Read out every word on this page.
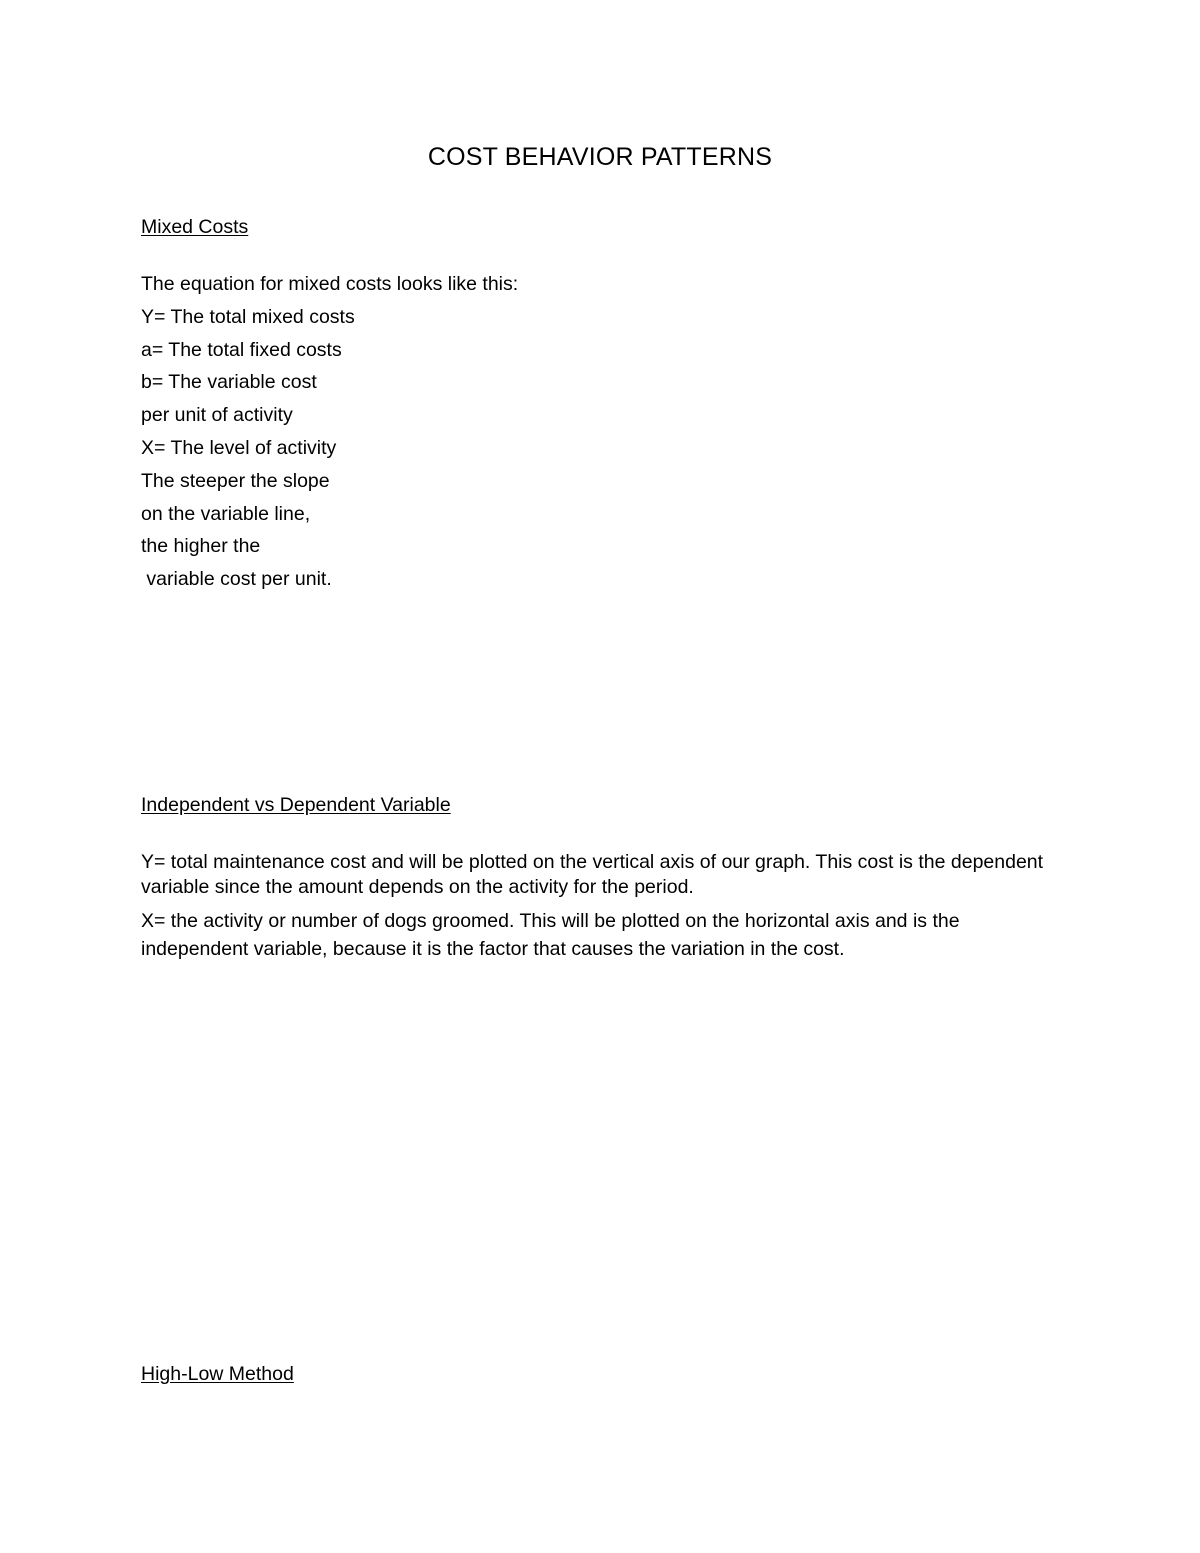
COST BEHAVIOR PATTERNS
Mixed Costs
The equation for mixed costs looks like this:
Y= The total mixed costs
a= The total fixed costs
b= The variable cost
per unit of activity
X= The level of activity
The steeper the slope
on the variable line,
the higher the
variable cost per unit.
Independent vs Dependent Variable

Y= total maintenance cost and will be plotted on the vertical axis of our graph. This cost is the dependent variable since the amount depends on the activity for the period.

X= the activity or number of dogs groomed. This will be plotted on the horizontal axis and is the independent variable, because it is the factor that causes the variation in the cost.

High-Low Method
